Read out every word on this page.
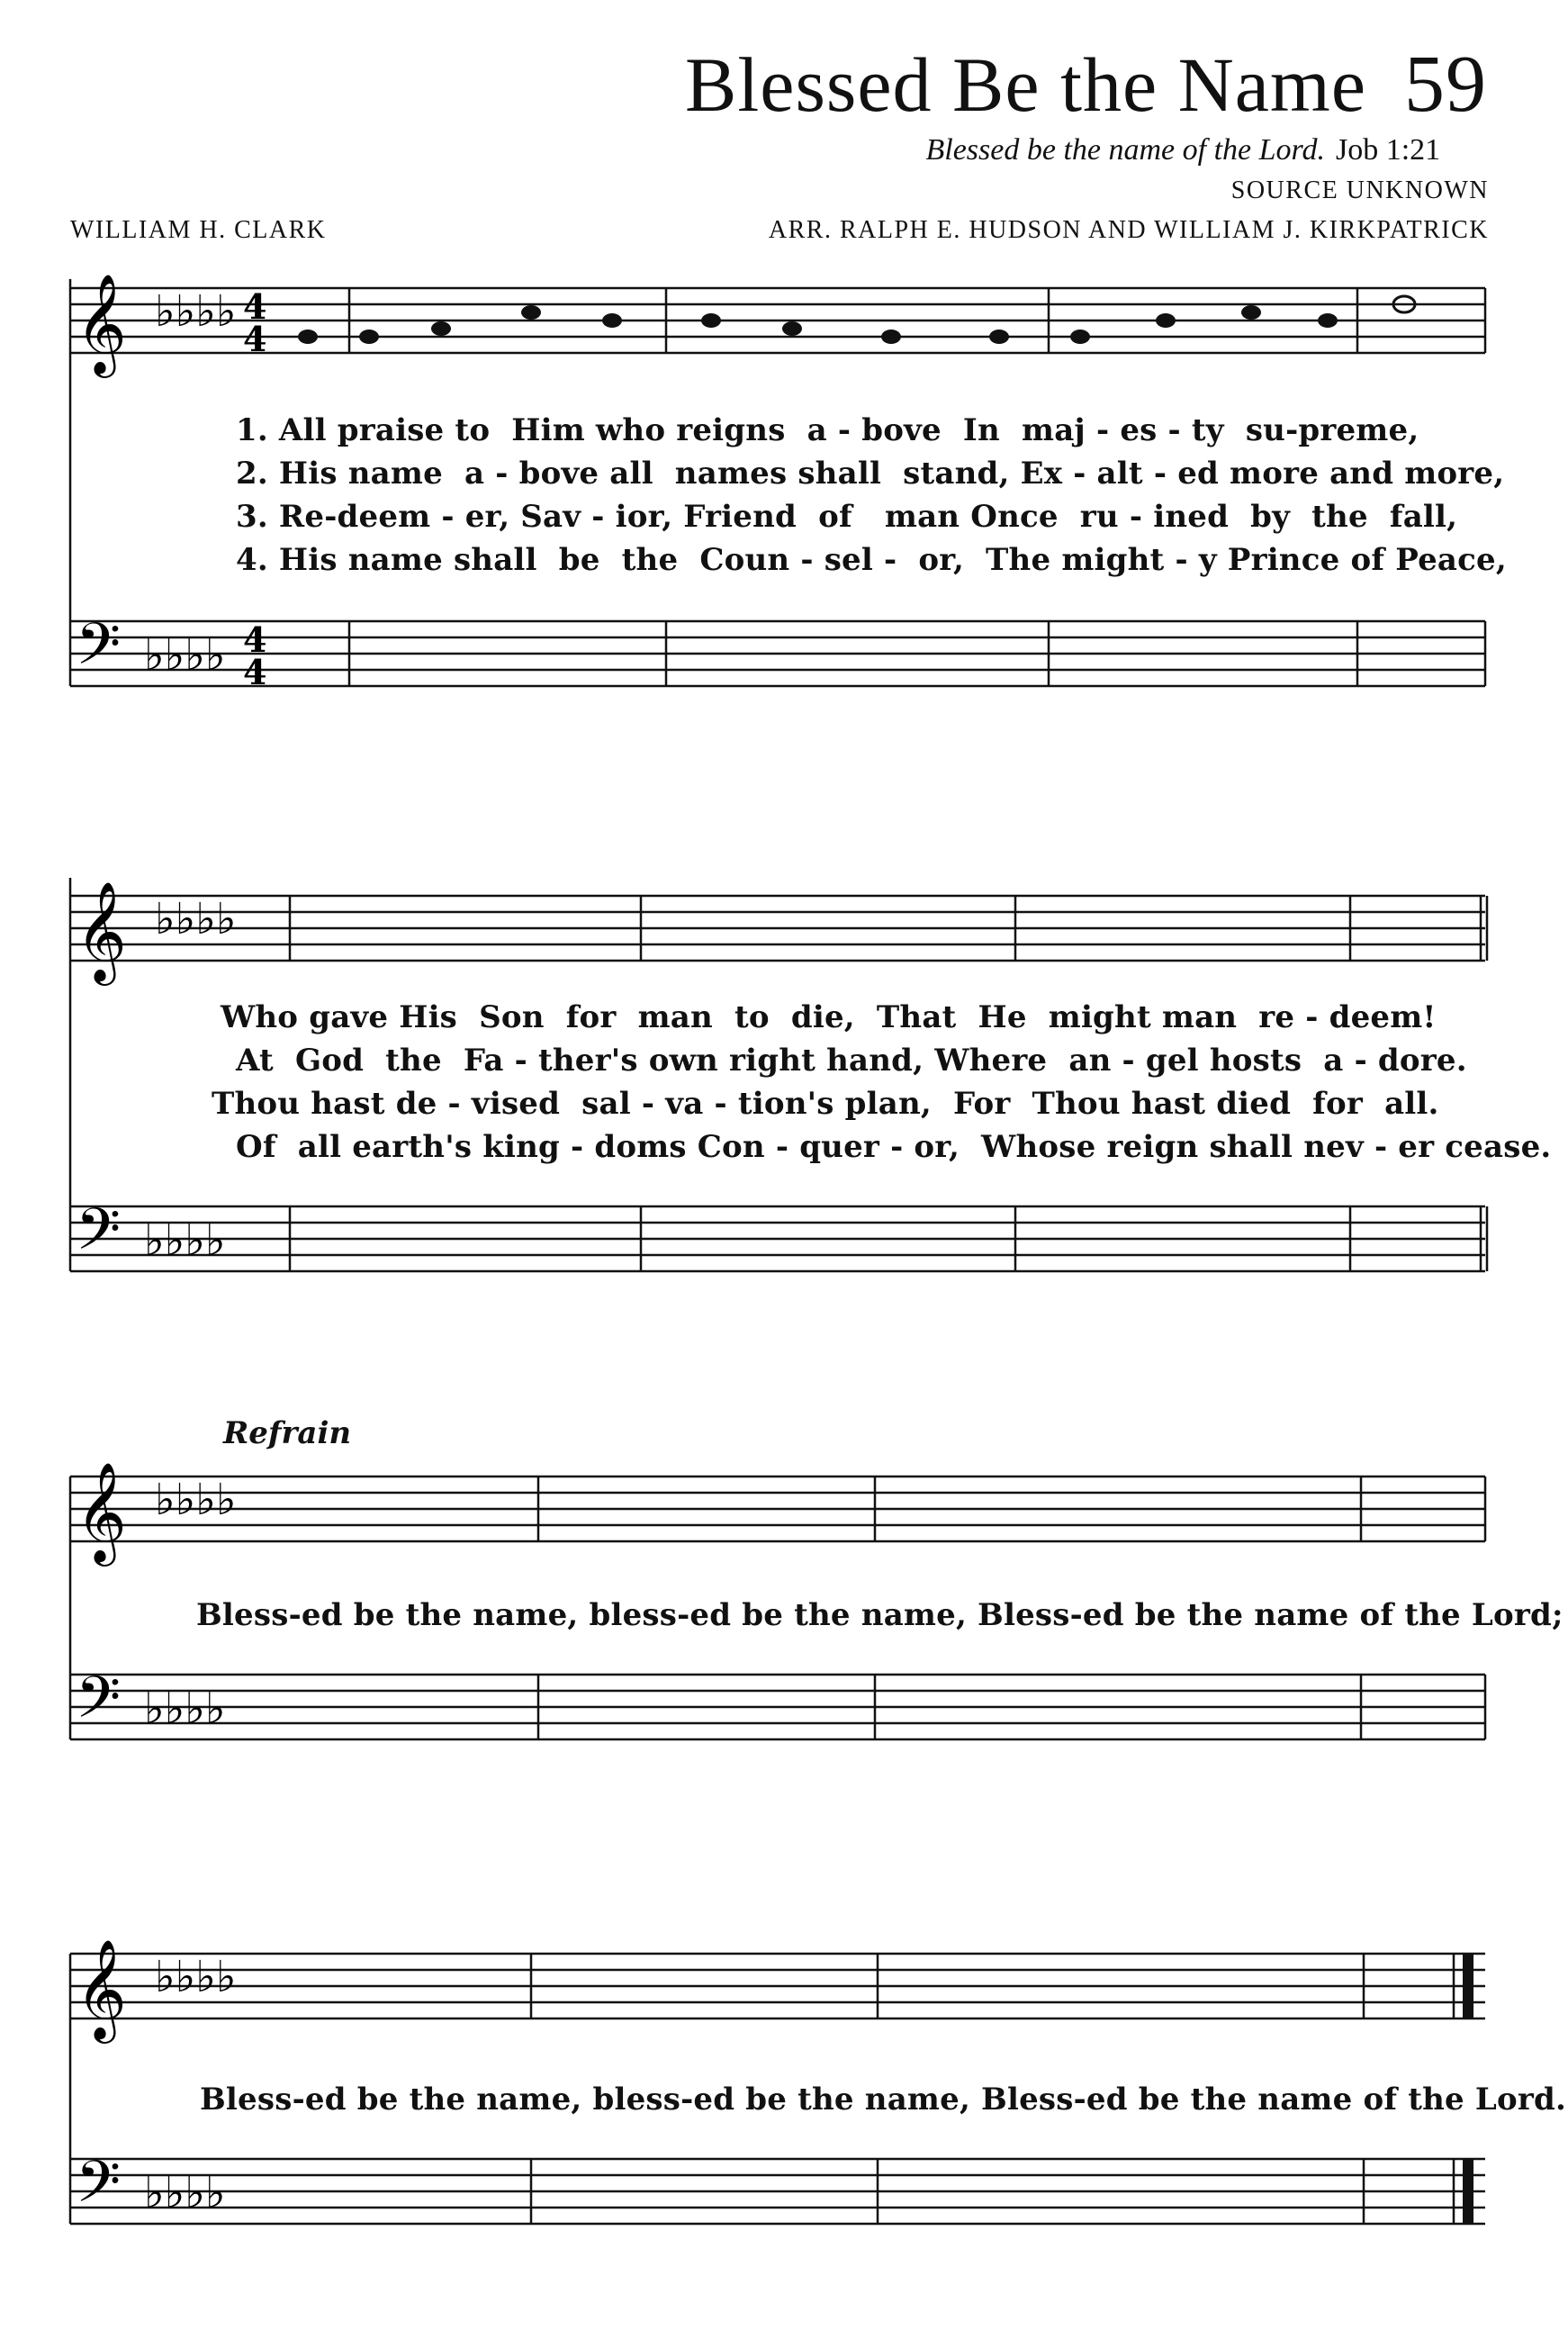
Blessed Be the Name 59
Blessed be the name of the Lord. Job 1:21
SOURCE UNKNOWN
WILLIAM H. CLARK	ARR. RALPH E. HUDSON AND WILLIAM J. KIRKPATRICK
𝄞 ♭♭♭♭ 4
4
1. All praise to  Him who reigns  a - bove  In  maj - es - ty  su-preme,
2. His name  a - bove all  names shall  stand, Ex - alt - ed more and more,
3. Re-deem - er, Sav - ior, Friend  of   man Once  ru - ined  by  the  fall,
4. His name shall  be  the  Coun - sel -  or,  The might - y Prince of Peace,
𝄢 ♭♭♭♭ 4
4
𝄞 ♭♭♭♭
Who gave His  Son  for  man  to  die,  That  He  might man  re - deem!
At  God  the  Fa - ther's own right hand, Where  an - gel hosts  a - dore.
Thou hast de - vised  sal - va - tion's plan,  For  Thou hast died  for  all.
Of  all earth's king - doms Con - quer - or,  Whose reign shall nev - er cease.
𝄢 ♭♭♭♭
Refrain
𝄞 ♭♭♭♭
Bless-ed be the name, bless-ed be the name, Bless-ed be the name of the Lord;
𝄢 ♭♭♭♭
𝄞 ♭♭♭♭
Bless-ed be the name, bless-ed be the name, Bless-ed be the name of the Lord.
𝄢 ♭♭♭♭
